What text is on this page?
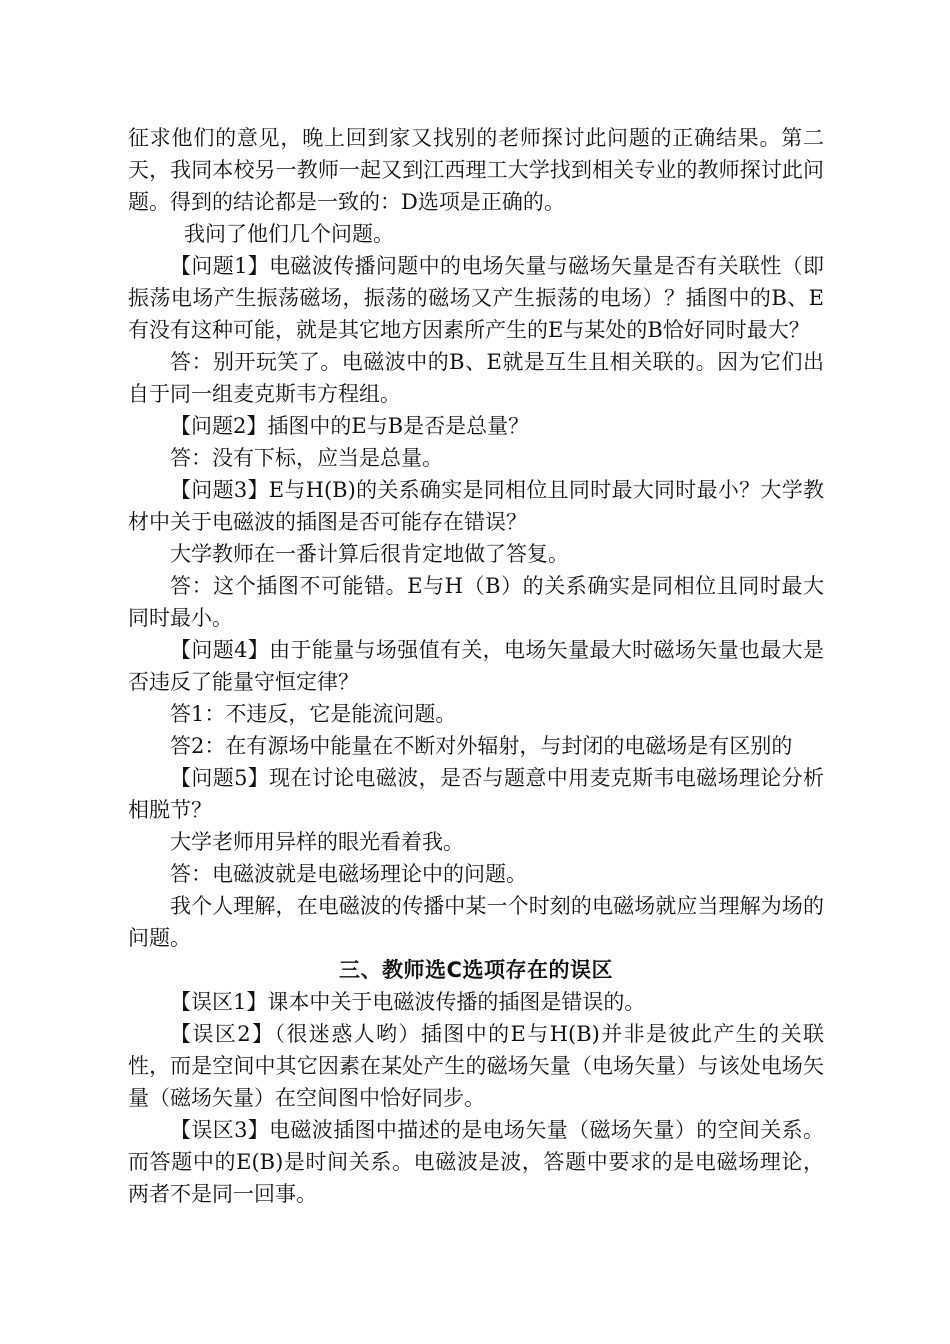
征求他们的意见，晚上回到家又找别的老师探讨此问题的正确结果。第二天，我同本校另一教师一起又到江西理工大学找到相关专业的教师探讨此问题。得到的结论都是一致的：D选项是正确的。

我问了他们几个问题。

【问题1】电磁波传播问题中的电场矢量与磁场矢量是否有关联性（即振荡电场产生振荡磁场，振荡的磁场又产生振荡的电场）？插图中的B、E有没有这种可能，就是其它地方因素所产生的E与某处的B恰好同时最大？

答：别开玩笑了。电磁波中的B、E就是互生且相关联的。因为它们出自于同一组麦克斯韦方程组。

【问题2】插图中的E与B是否是总量？

答：没有下标，应当是总量。

【问题3】E与H(B)的关系确实是同相位且同时最大同时最小？大学教材中关于电磁波的插图是否可能存在错误？

大学教师在一番计算后很肯定地做了答复。

答：这个插图不可能错。E与H（B）的关系确实是同相位且同时最大同时最小。

【问题4】由于能量与场强值有关，电场矢量最大时磁场矢量也最大是否违反了能量守恒定律？

答1：不违反，它是能流问题。

答2：在有源场中能量在不断对外辐射，与封闭的电磁场是有区别的

【问题5】现在讨论电磁波，是否与题意中用麦克斯韦电磁场理论分析相脱节？

大学老师用异样的眼光看着我。

答：电磁波就是电磁场理论中的问题。

我个人理解，在电磁波的传播中某一个时刻的电磁场就应当理解为场的问题。

三、教师选C选项存在的误区

【误区1】课本中关于电磁波传播的插图是错误的。

【误区2】（很迷惑人哟）插图中的E与H(B)并非是彼此产生的关联性，而是空间中其它因素在某处产生的磁场矢量（电场矢量）与该处电场矢量（磁场矢量）在空间图中恰好同步。

【误区3】电磁波插图中描述的是电场矢量（磁场矢量）的空间关系。而答题中的E(B)是时间关系。电磁波是波，答题中要求的是电磁场理论，两者不是同一回事。
